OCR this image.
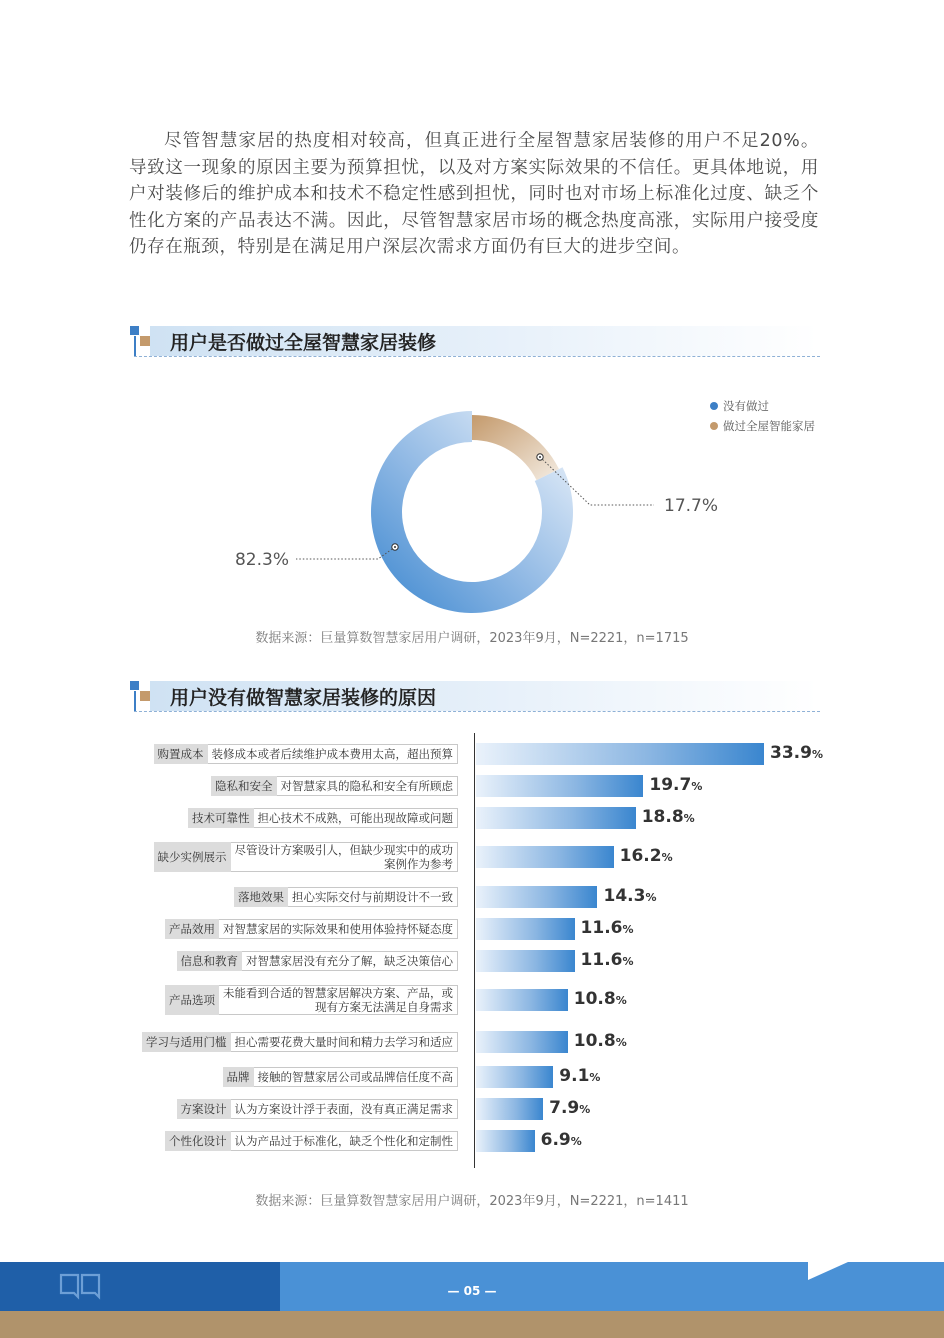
尽管智慧家居的热度相对较高，但真正进行全屋智慧家居装修的用户不足20%。导致这一现象的原因主要为预算担忧，以及对方案实际效果的不信任。更具体地说，用户对装修后的维护成本和技术不稳定性感到担忧，同时也对市场上标准化过度、缺乏个性化方案的产品表达不满。因此，尽管智慧家居市场的概念热度高涨，实际用户接受度仍存在瓶颈，特别是在满足用户深层次需求方面仍有巨大的进步空间。

用户是否做过全屋智慧家居装修
没有做过
做过全屋智能家居
82.3%
17.7%
数据来源：巨量算数智慧家居用户调研，2023年9月，N=2221，n=1715
用户没有做智慧家居装修的原因
购置成本 装修成本或者后续维护成本费用太高，超出预算	33.9%
隐私和安全 对智慧家具的隐私和安全有所顾虑	19.7%
技术可靠性 担心技术不成熟，可能出现故障或问题	18.8%
缺少实例展示 尽管设计方案吸引人，但缺少现实中的成功
案例作为参考	16.2%
落地效果 担心实际交付与前期设计不一致	14.3%
产品效用 对智慧家居的实际效果和使用体验持怀疑态度	11.6%
信息和教育 对智慧家居没有充分了解，缺乏决策信心	11.6%
产品选项 未能看到合适的智慧家居解决方案、产品，或
现有方案无法满足自身需求	10.8%
学习与适用门槛 担心需要花费大量时间和精力去学习和适应	10.8%
品牌 接触的智慧家居公司或品牌信任度不高	9.1%
方案设计 认为方案设计浮于表面，没有真正满足需求	7.9%
个性化设计 认为产品过于标准化，缺乏个性化和定制性	6.9%
数据来源：巨量算数智慧家居用户调研，2023年9月，N=2221，n=1411
— 05 —
